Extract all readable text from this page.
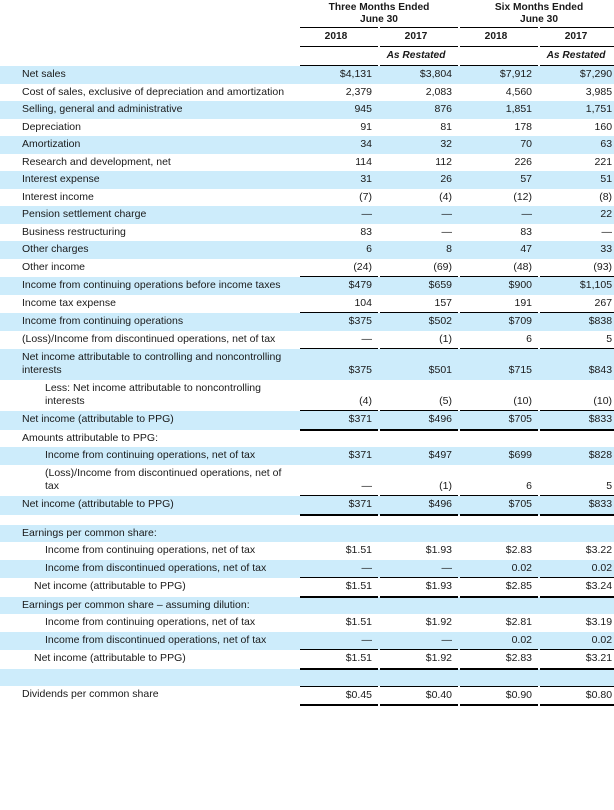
	Three Months Ended
June 30				Six Months Ended
June 30		
	2018		2017		2018		2017
			As Restated				As Restated
Net sales	$4,131		$3,804		$7,912		$7,290
Cost of sales, exclusive of depreciation and amortization	2,379		2,083		4,560		3,985
Selling, general and administrative	945		876		1,851		1,751
Depreciation	91		81		178		160
Amortization	34		32		70		63
Research and development, net	114		112		226		221
Interest expense	31		26		57		51
Interest income	(7)		(4)		(12)		(8)
Pension settlement charge	—		—		—		22
Business restructuring	83		—		83		—
Other charges	6		8		47		33
Other income	(24)		(69)		(48)		(93)
Income from continuing operations before income taxes	$479		$659		$900		$1,105
Income tax expense	104		157		191		267
Income from continuing operations	$375		$502		$709		$838
(Loss)/Income from discontinued operations, net of tax	—		(1)		6		5
Net income attributable to controlling and noncontrolling interests	$375		$501		$715		$843
Less: Net income attributable to noncontrolling interests	(4)		(5)		(10)		(10)
Net income (attributable to PPG)	$371		$496		$705		$833
Amounts attributable to PPG:							
Income from continuing operations, net of tax	$371		$497		$699		$828
(Loss)/Income from discontinued operations, net of tax	—		(1)		6		5
Net income (attributable to PPG)	$371		$496		$705		$833

Earnings per common share:							
Income from continuing operations, net of tax	$1.51		$1.93		$2.83		$3.22
Income from discontinued operations, net of tax	—		—		0.02		0.02
Net income (attributable to PPG)	$1.51		$1.93		$2.85		$3.24
Earnings per common share – assuming dilution:							
Income from continuing operations, net of tax	$1.51		$1.92		$2.81		$3.19
Income from discontinued operations, net of tax	—		—		0.02		0.02
Net income (attributable to PPG)	$1.51		$1.92		$2.83		$3.21

Dividends per common share	$0.45		$0.40		$0.90		$0.80
